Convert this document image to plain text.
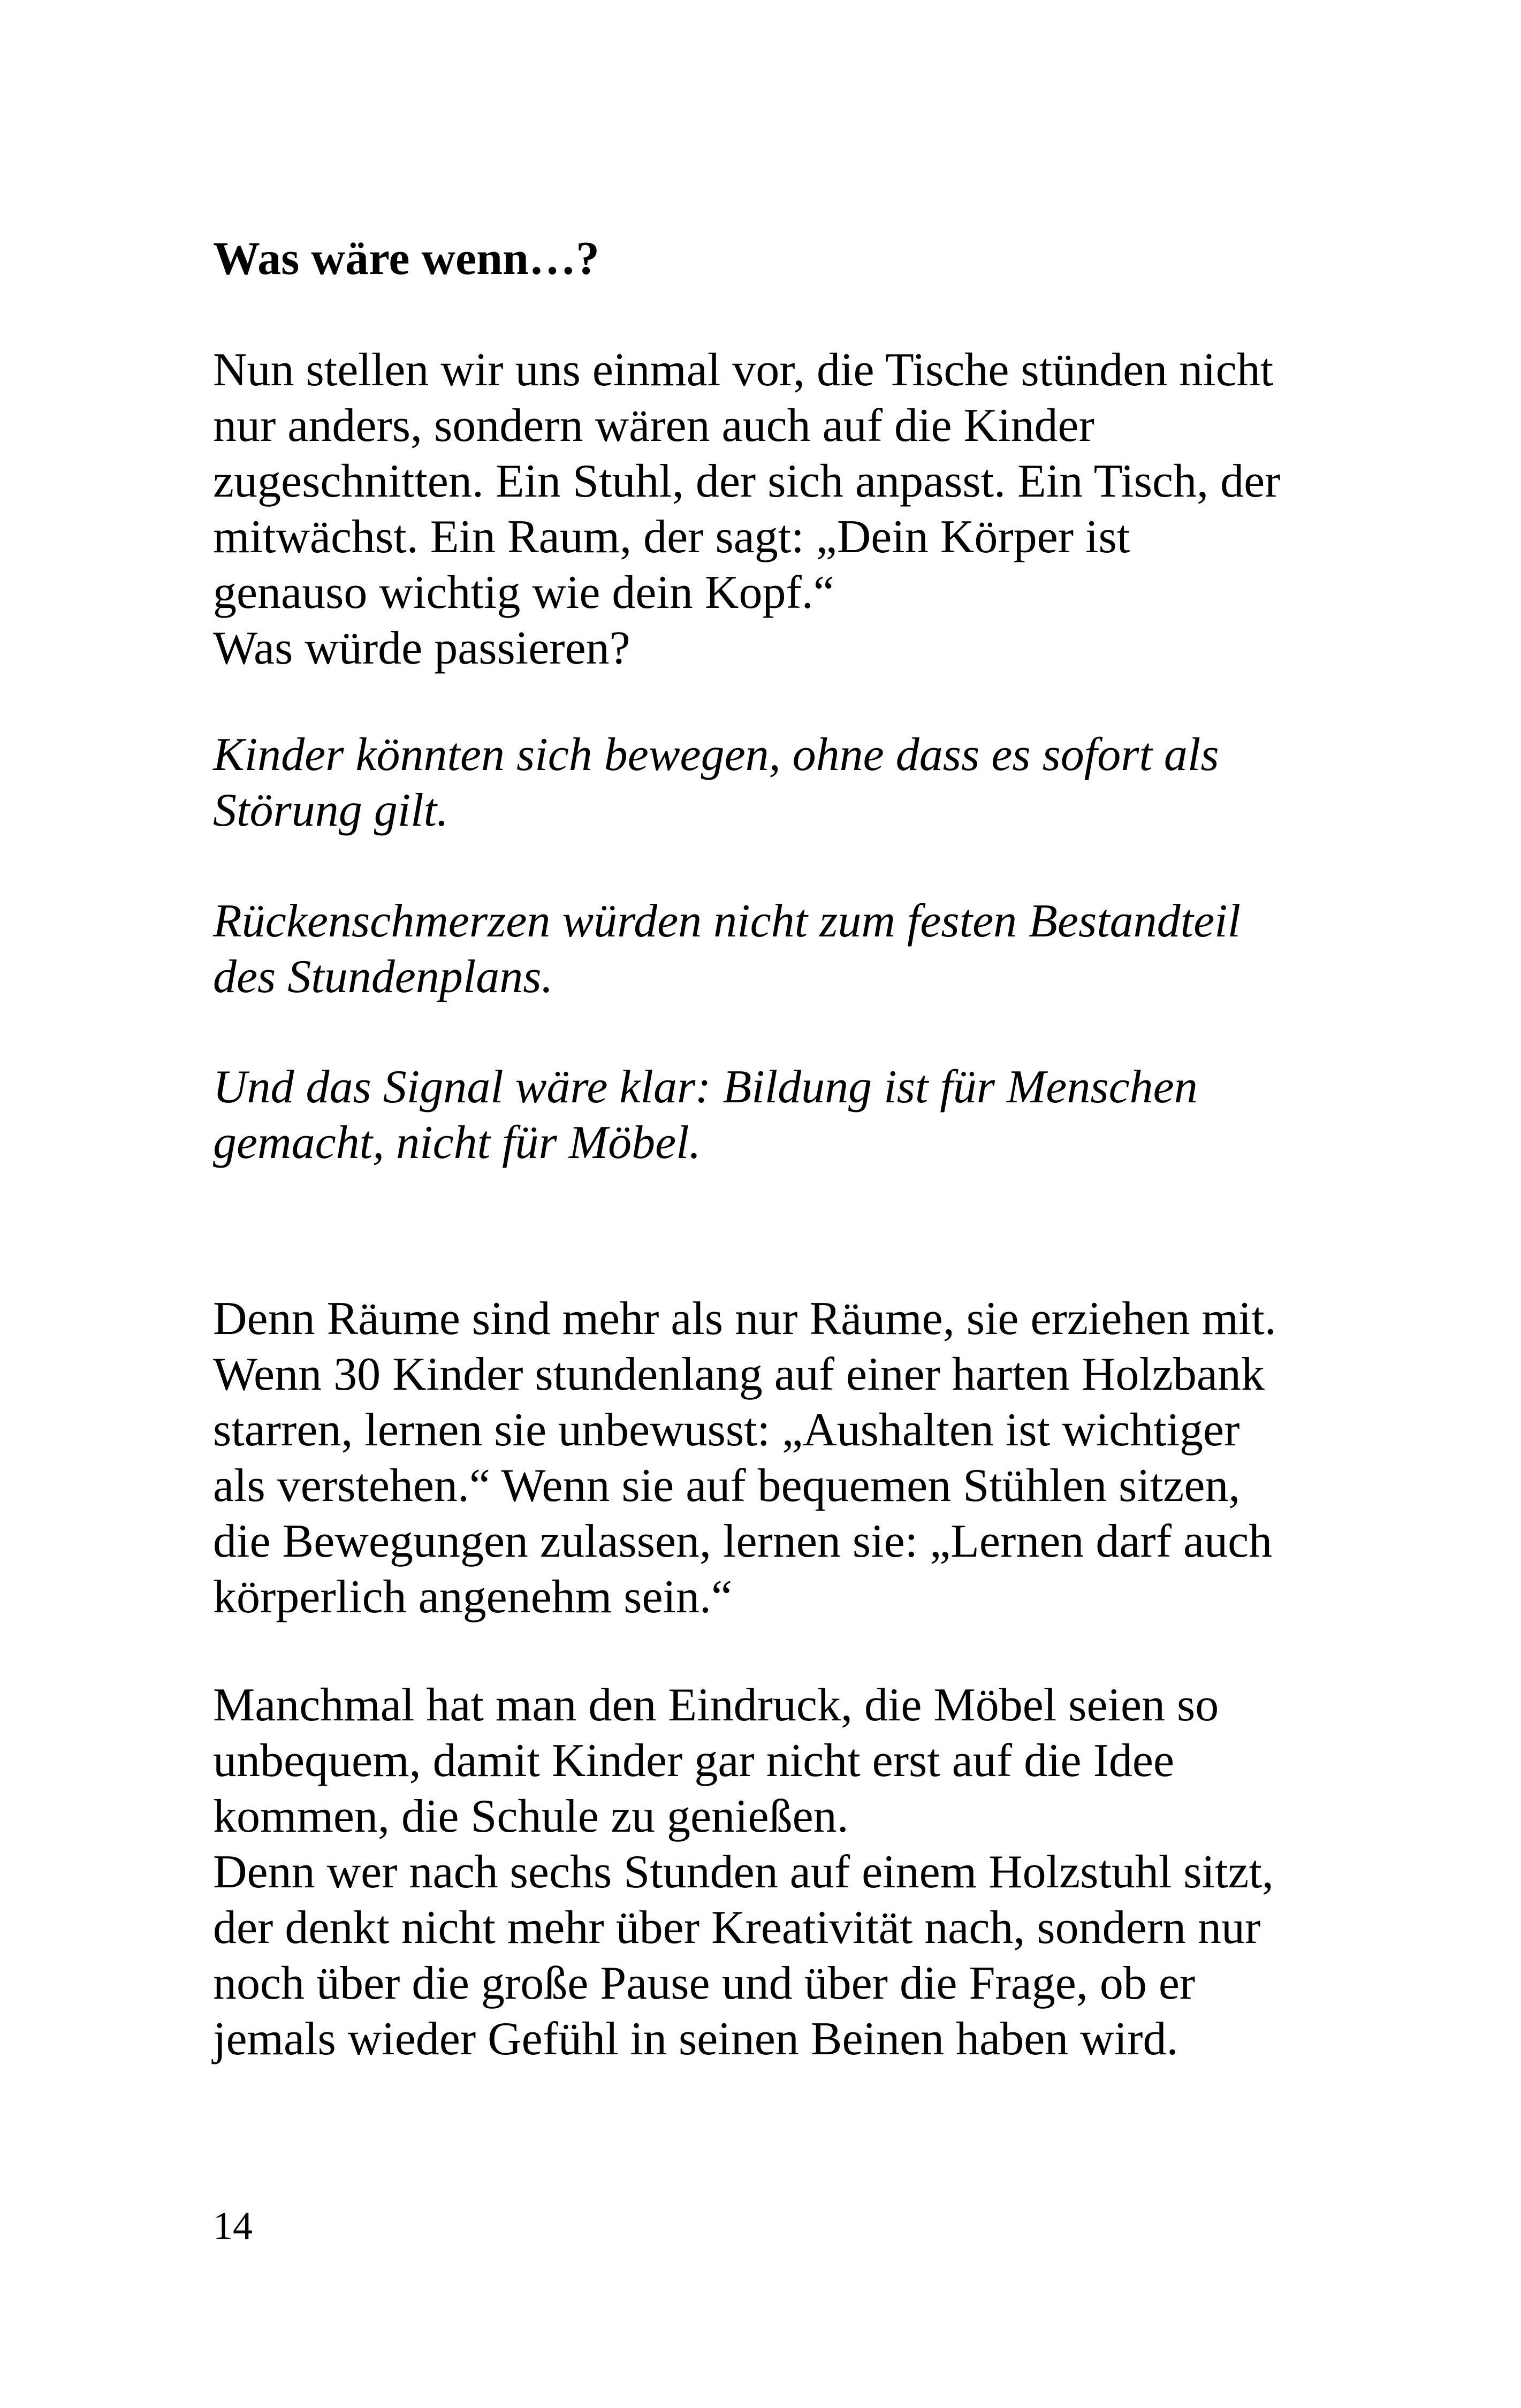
Was wäre wenn…?

Nun stellen wir uns einmal vor, die Tische stünden nicht
nur anders, sondern wären auch auf die Kinder
zugeschnitten. Ein Stuhl, der sich anpasst. Ein Tisch, der
mitwächst. Ein Raum, der sagt: „Dein Körper ist
genauso wichtig wie dein Kopf.“
Was würde passieren?

Kinder könnten sich bewegen, ohne dass es sofort als
Störung gilt.

Rückenschmerzen würden nicht zum festen Bestandteil
des Stundenplans.

Und das Signal wäre klar: Bildung ist für Menschen
gemacht, nicht für Möbel.

Denn Räume sind mehr als nur Räume, sie erziehen mit.
Wenn 30 Kinder stundenlang auf einer harten Holzbank
starren, lernen sie unbewusst: „Aushalten ist wichtiger
als verstehen.“ Wenn sie auf bequemen Stühlen sitzen,
die Bewegungen zulassen, lernen sie: „Lernen darf auch
körperlich angenehm sein.“

Manchmal hat man den Eindruck, die Möbel seien so
unbequem, damit Kinder gar nicht erst auf die Idee
kommen, die Schule zu genießen.
Denn wer nach sechs Stunden auf einem Holzstuhl sitzt,
der denkt nicht mehr über Kreativität nach, sondern nur
noch über die große Pause und über die Frage, ob er
jemals wieder Gefühl in seinen Beinen haben wird.

14
